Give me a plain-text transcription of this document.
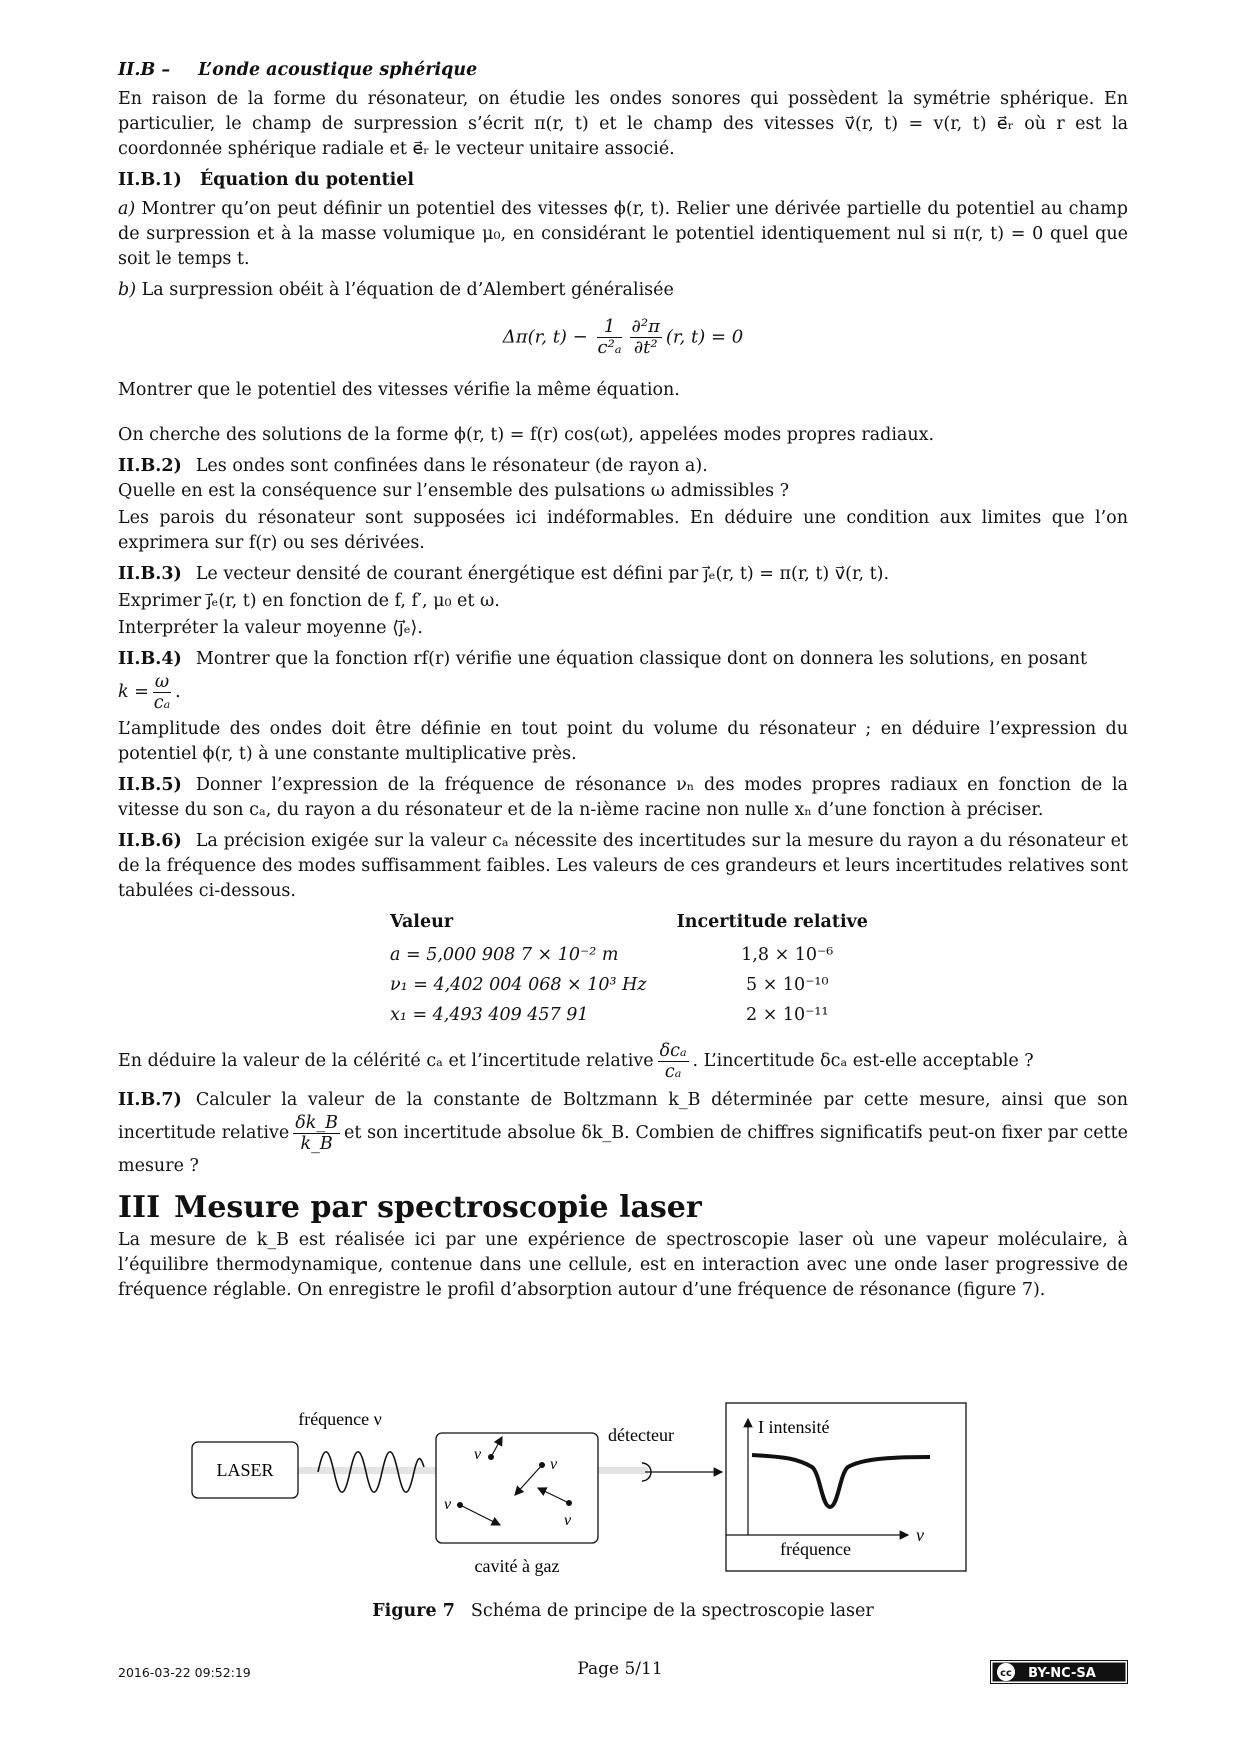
II.B – L’onde acoustique sphérique

En raison de la forme du résonateur, on étudie les ondes sonores qui possèdent la symétrie sphérique. En particulier, le champ de surpression s’écrit π(r, t) et le champ des vitesses v⃗(r, t) = v(r, t) e⃗ᵣ où r est la coordonnée sphérique radiale et e⃗ᵣ le vecteur unitaire associé.

II.B.1) Équation du potentiel

a) Montrer qu’on peut définir un potentiel des vitesses ϕ(r, t). Relier une dérivée partielle du potentiel au champ de surpression et à la masse volumique μ₀, en considérant le potentiel identiquement nul si π(r, t) = 0 quel que soit le temps t.

b) La surpression obéit à l’équation de d’Alembert généralisée

Δπ(r, $t) - \frac{1}{\text{c²ₐ}} \frac{\text{∂²π}}{\text{∂t²}} (r$, t) = 0

Montrer que le potentiel des vitesses vérifie la même équation.

On cherche des solutions de la forme ϕ(r, t) = f(r) cos(ωt), appelées modes propres radiaux.

II.B.2) Les ondes sont confinées dans le résonateur (de rayon a).

Quelle en est la conséquence sur l’ensemble des pulsations ω admissibles ?

Les parois du résonateur sont supposées ici indéformables. En déduire une condition aux limites que l’on exprimera sur f(r) ou ses dérivées.

II.B.3) Le vecteur densité de courant énergétique est défini par j⃗ₑ(r, t) = π(r, t) v⃗(r, t).

Exprimer j⃗ₑ(r, t) en fonction de f, f′, μ₀ et ω.

Interpréter la valeur moyenne ⟨j⃗ₑ⟩.

II.B.4) Montrer que la fonction rf(r) vérifie une équation classique dont on donnera les solutions, en posant
$k = \frac{\omega}{\text{cₐ}}$ .

L’amplitude des ondes doit être définie en tout point du volume du résonateur ; en déduire l’expression du potentiel ϕ(r, t) à une constante multiplicative près.

II.B.5) Donner l’expression de la fréquence de résonance νₙ des modes propres radiaux en fonction de la vitesse du son cₐ, du rayon a du résonateur et de la n-ième racine non nulle xₙ d’une fonction à préciser.

II.B.6) La précision exigée sur la valeur cₐ nécessite des incertitudes sur la mesure du rayon a du résonateur et de la fréquence des modes suffisamment faibles. Les valeurs de ces grandeurs et leurs incertitudes relatives sont tabulées ci-dessous.

Valeur	Incertitude relative
a = 5,000 908 7 × 10⁻² m	1,8 × 10⁻⁶
ν₁ = 4,402 004 068 × 10³ Hz	5 × 10⁻¹⁰
x₁ = 4,493 409 457 91	2 × 10⁻¹¹

En déduire la valeur de la célérité cₐ et l’incertitude relative $\frac{\text{δcₐ}}{\text{cₐ}}$ . L’incertitude δcₐ est-elle acceptable ?

II.B.7) Calculer la valeur de la constante de Boltzmann k_B déterminée par cette mesure, ainsi que son incertitude relative $\frac{\delta k\_B}{k\_B}$ et son incertitude absolue δk_B. Combien de chiffres significatifs peut-on fixer par cette mesure ?

III Mesure par spectroscopie laser

La mesure de k_B est réalisée ici par une expérience de spectroscopie laser où une vapeur moléculaire, à l’équilibre thermodynamique, contenue dans une cellule, est en interaction avec une onde laser progressive de fréquence réglable. On enregistre le profil d’absorption autour d’une fréquence de résonance (figure 7).

LASER
fréquence ν
cavité à gaz
v⃗
v⃗
v⃗
v⃗
détecteur	I intensité
fréquence
ν
Figure 7 Schéma de principe de la spectroscopie laser
2016-03-22 09:52:19	Page 5/11	cc BY-NC-SA
